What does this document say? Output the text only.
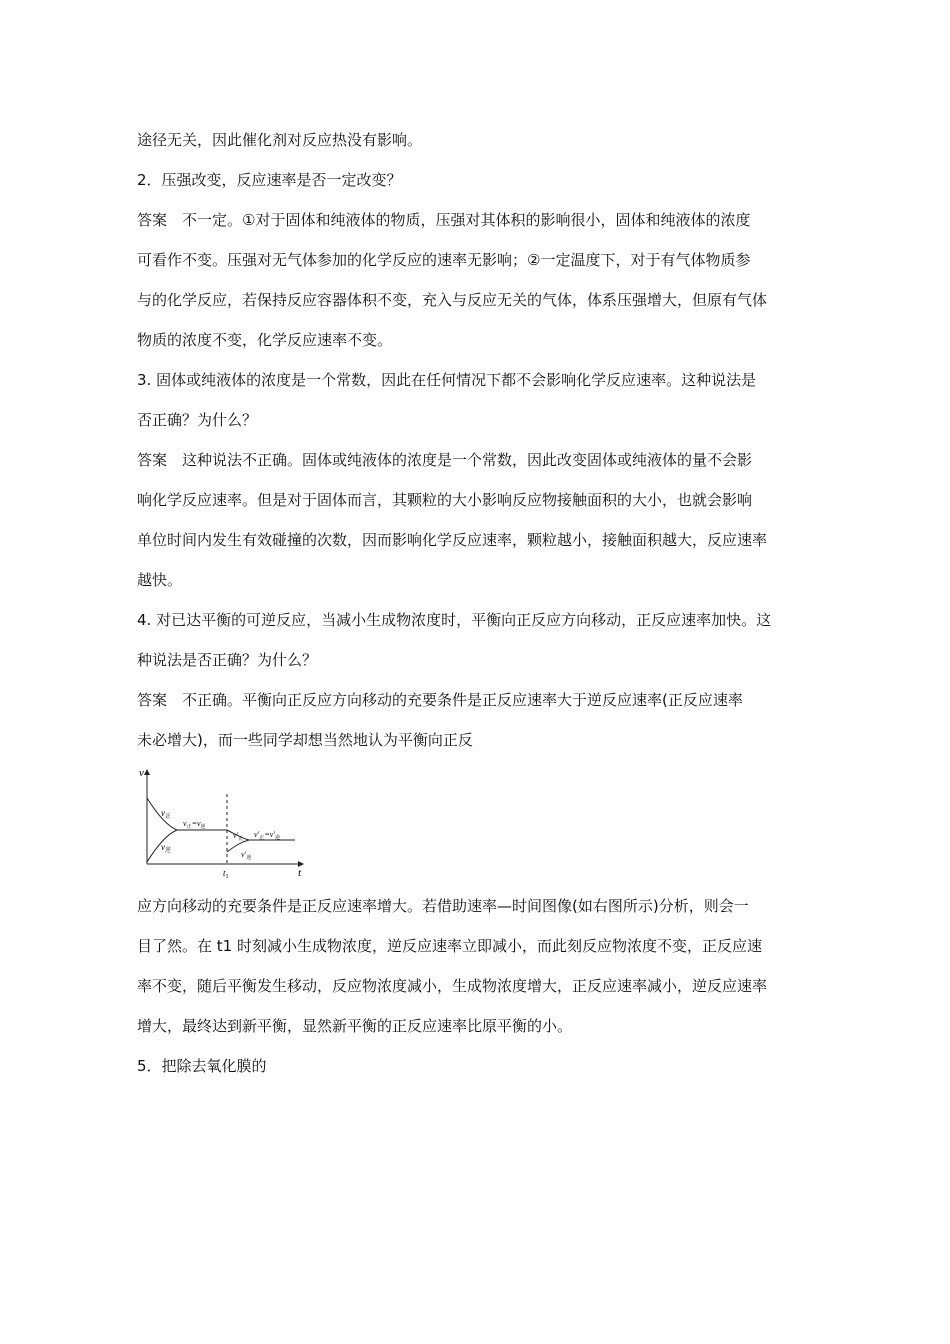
途径无关，因此催化剂对反应热没有影响。
2．压强改变，反应速率是否一定改变？
答案　不一定。①对于固体和纯液体的物质，压强对其体积的影响很小，固体和纯液体的浓度
可看作不变。压强对无气体参加的化学反应的速率无影响；②一定温度下，对于有气体物质参
与的化学反应，若保持反应容器体积不变，充入与反应无关的气体，体系压强增大，但原有气体
物质的浓度不变，化学反应速率不变。
3. 固体或纯液体的浓度是一个常数，因此在任何情况下都不会影响化学反应速率。这种说法是
否正确？为什么？
答案　这种说法不正确。固体或纯液体的浓度是一个常数，因此改变固体或纯液体的量不会影
响化学反应速率。但是对于固体而言，其颗粒的大小影响反应物接触面积的大小，也就会影响
单位时间内发生有效碰撞的次数，因而影响化学反应速率，颗粒越小，接触面积越大，反应速率
越快。
4. 对已达平衡的可逆反应，当减小生成物浓度时，平衡向正反应方向移动，正反应速率加快。这
种说法是否正确？为什么？
答案　不正确。平衡向正反应方向移动的充要条件是正反应速率大于逆反应速率(正反应速率
未必增大)，而一些同学却想当然地认为平衡向正反
v
t
$v_正$
$v_逆$
$v_正=v_逆$
$v'_正$
$v'_正=v'_逆$
$v'_逆$
$t_1$
应方向移动的充要条件是正反应速率增大。若借助速率—时间图像(如右图所示)分析，则会一
目了然。在 t1 时刻减小生成物浓度，逆反应速率立即减小，而此刻反应物浓度不变，正反应速
率不变，随后平衡发生移动，反应物浓度减小，生成物浓度增大，正反应速率减小，逆反应速率
增大，最终达到新平衡，显然新平衡的正反应速率比原平衡的小。
5．把除去氧化膜的
